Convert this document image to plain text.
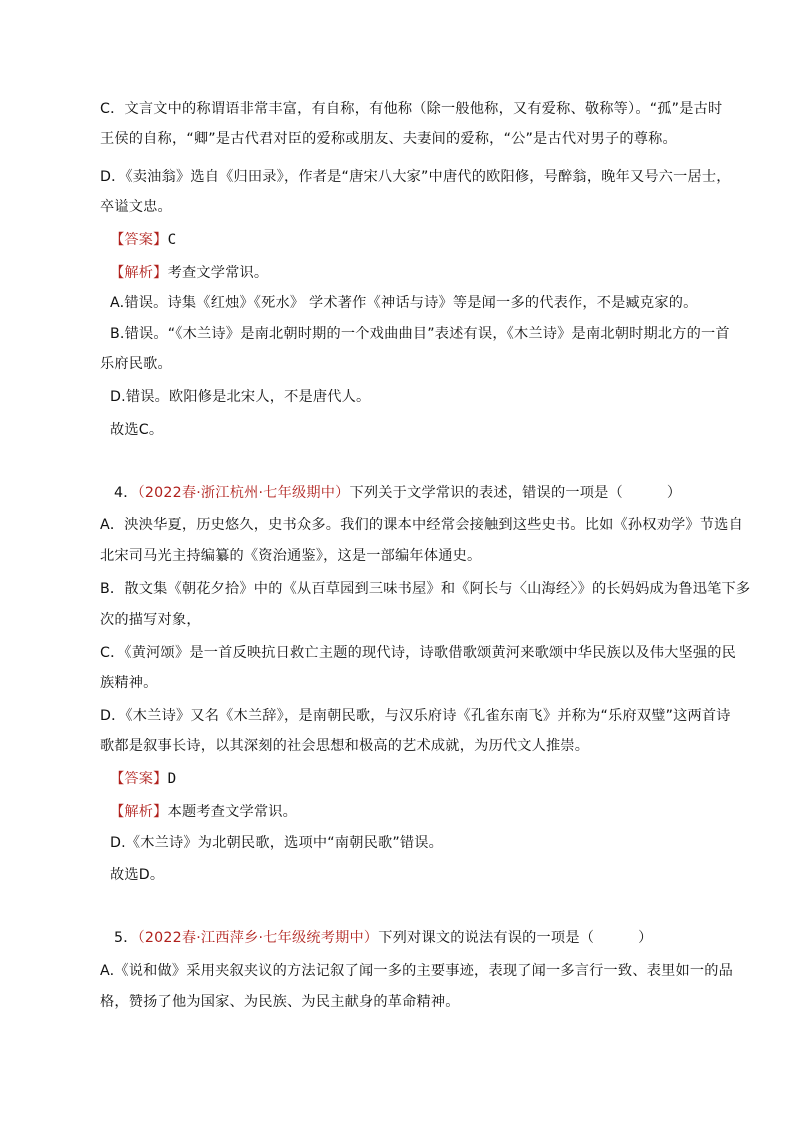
C．文言文中的称谓语非常丰富，有自称，有他称（除一般他称，又有爱称、敬称等）。“孤”是古时
王侯的自称，“卿”是古代君对臣的爱称或朋友、夫妻间的爱称，“公”是古代对男子的尊称。
D．《卖油翁》选自《归田录》，作者是“唐宋八大家”中唐代的欧阳修，号醉翁，晚年又号六一居士，
卒谥文忠。
【答案】C
【解析】考查文学常识。
A.错误。诗集《红烛》《死水》 学术著作《神话与诗》等是闻一多的代表作，不是臧克家的。
B.错误。“《木兰诗》是南北朝时期的一个戏曲曲目”表述有误，《木兰诗》是南北朝时期北方的一首
乐府民歌。
D.错误。欧阳修是北宋人，不是唐代人。
故选C。
4．（2022春·浙江杭州·七年级期中）下列关于文学常识的表述，错误的一项是（	）
A．泱泱华夏，历史悠久，史书众多。我们的课本中经常会接触到这些史书。比如《孙权劝学》节选自
北宋司马光主持编纂的《资治通鉴》，这是一部编年体通史。
B．散文集《朝花夕拾》中的《从百草园到三味书屋》和《阿长与〈山海经〉》的长妈妈成为鲁迅笔下多
次的描写对象，
C．《黄河颂》是一首反映抗日救亡主题的现代诗，诗歌借歌颂黄河来歌颂中华民族以及伟大坚强的民
族精神。
D．《木兰诗》又名《木兰辞》，是南朝民歌，与汉乐府诗《孔雀东南飞》并称为“乐府双璧”这两首诗
歌都是叙事长诗，以其深刻的社会思想和极高的艺术成就，为历代文人推崇。
【答案】D
【解析】本题考查文学常识。
D.《木兰诗》为北朝民歌，选项中“南朝民歌”错误。
故选D。
5．（2022春·江西萍乡·七年级统考期中）下列对课文的说法有误的一项是（	）
A.《说和做》采用夹叙夹议的方法记叙了闻一多的主要事迹，表现了闻一多言行一致、表里如一的品
格，赞扬了他为国家、为民族、为民主献身的革命精神。
